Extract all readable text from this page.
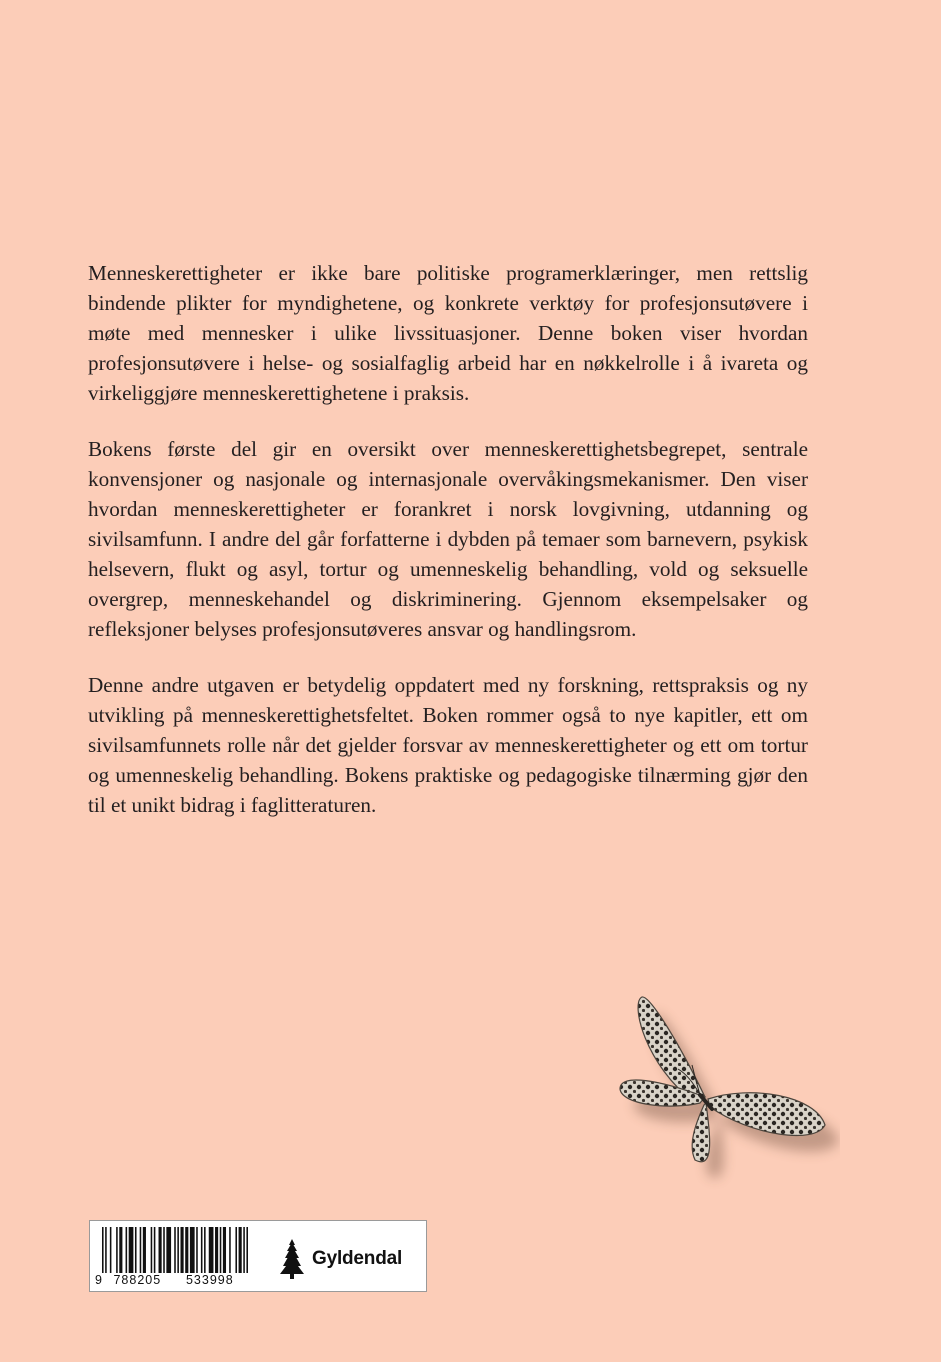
Menneskerettigheter er ikke bare politiske programerklæringer, men rettslig bindende plikter for myndighetene, og konkrete verktøy for profesjonsutøvere i møte med mennesker i ulike livssituasjoner. Denne boken viser hvordan profesjonsutøvere i helse- og sosialfaglig arbeid har en nøkkelrolle i å ivareta og virkeliggjøre menneskerettighetene i praksis.

Bokens første del gir en oversikt over menneskerettighetsbegrepet, sentrale konvensjoner og nasjonale og internasjonale overvåkingsmekanismer. Den viser hvordan menneskerettigheter er forankret i norsk lovgivning, utdanning og sivilsamfunn. I andre del går forfatterne i dybden på temaer som barnevern, psykisk helsevern, flukt og asyl, tortur og umenneskelig behandling, vold og seksuelle overgrep, menneskehandel og diskriminering. Gjennom eksempelsaker og refleksjoner belyses profesjonsutøveres ansvar og handlingsrom.

Denne andre utgaven er betydelig oppdatert med ny forskning, rettspraksis og ny utvikling på menneskerettighetsfeltet. Boken rommer også to nye kapitler, ett om sivilsamfunnets rolle når det gjelder forsvar av menneskerettigheter og ett om tortur og umenneskelig behandling. Bokens praktiske og pedagogiske tilnærming gjør den til et unikt bidrag i faglitteraturen.

9 788205 533998
Gyldendal
